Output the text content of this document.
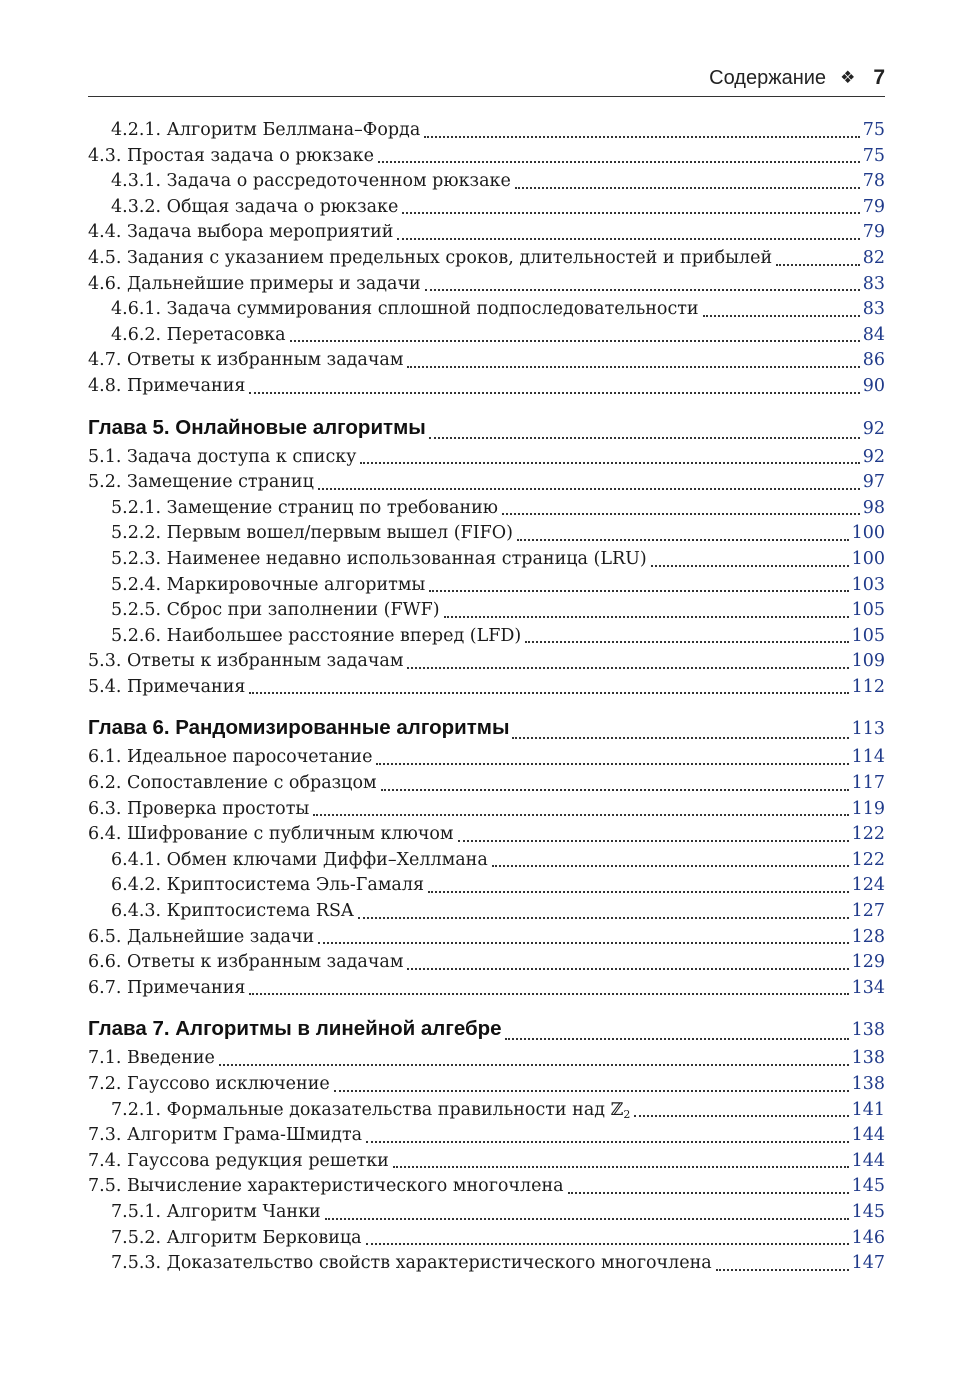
Содержание ❖ 7
4.2.1. Алгоритм Беллмана–Форда	75
4.3. Простая задача о рюкзаке	75
4.3.1. Задача о рассредоточенном рюкзаке	78
4.3.2. Общая задача о рюкзаке	79
4.4. Задача выбора мероприятий	79
4.5. Задания с указанием предельных сроков, длительностей и прибылей	82
4.6. Дальнейшие примеры и задачи	83
4.6.1. Задача суммирования сплошной подпоследовательности	83
4.6.2. Перетасовка	84
4.7. Ответы к избранным задачам	86
4.8. Примечания	90
Глава 5. Онлайновые алгоритмы	92
5.1. Задача доступа к списку	92
5.2. Замещение страниц	97
5.2.1. Замещение страниц по требованию	98
5.2.2. Первым вошел/первым вышел (FIFO)	100
5.2.3. Наименее недавно использованная страница (LRU)	100
5.2.4. Маркировочные алгоритмы	103
5.2.5. Сброс при заполнении (FWF)	105
5.2.6. Наибольшее расстояние вперед (LFD)	105
5.3. Ответы к избранным задачам	109
5.4. Примечания	112
Глава 6. Рандомизированные алгоритмы	113
6.1. Идеальное паросочетание	114
6.2. Сопоставление с образцом	117
6.3. Проверка простоты	119
6.4. Шифрование с публичным ключом	122
6.4.1. Обмен ключами Диффи–Хеллмана	122
6.4.2. Криптосистема Эль-Гамаля	124
6.4.3. Криптосистема RSA	127
6.5. Дальнейшие задачи	128
6.6. Ответы к избранным задачам	129
6.7. Примечания	134
Глава 7. Алгоритмы в линейной алгебре	138
7.1. Введение	138
7.2. Гауссово исключение	138
7.2.1. Формальные доказательства правильности над ℤ2	141
7.3. Алгоритм Грама-Шмидта	144
7.4. Гауссова редукция решетки	144
7.5. Вычисление характеристического многочлена	145
7.5.1. Алгоритм Чанки	145
7.5.2. Алгоритм Берковица	146
7.5.3. Доказательство свойств характеристического многочлена	147
